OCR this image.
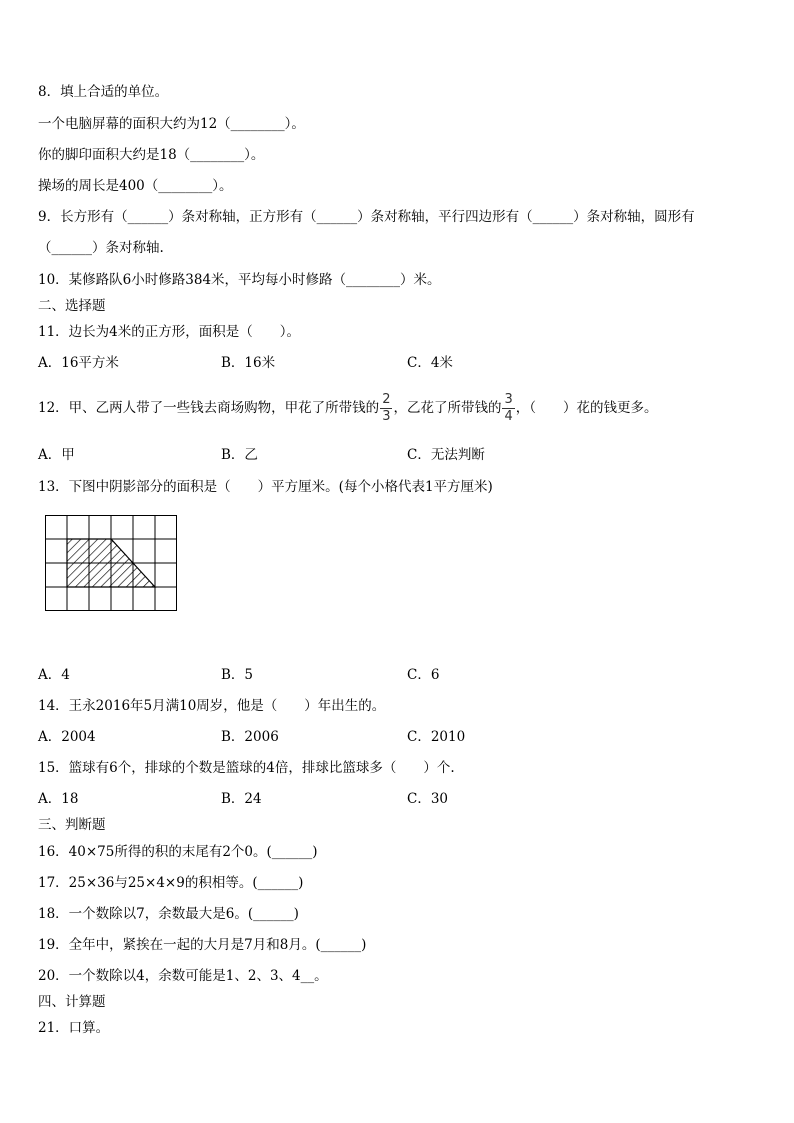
8．填上合适的单位。
一个电脑屏幕的面积大约为12（________）。
你的脚印面积大约是18（________）。
操场的周长是400（________）。
9．长方形有（______）条对称轴，正方形有（______）条对称轴，平行四边形有（______）条对称轴，圆形有
（______）条对称轴.
10．某修路队6小时修路384米，平均每小时修路（________）米。
二、选择题
11．边长为4米的正方形，面积是（　　）。
A．16平方米	B．16米	C．4米
12．甲、乙两人带了一些钱去商场购物，甲花了所带钱的 $\frac{2}{3}$ ，乙花了所带钱的 $\frac{3}{4}$ ，（　　）花的钱更多。
A．甲	B．乙	C．无法判断
13．下图中阴影部分的面积是（　　）平方厘米。(每个小格代表1平方厘米)
A．4	B．5	C．6
14．王永2016年5月满10周岁，他是（　　）年出生的。
A．2004	B．2006	C．2010
15．篮球有6个，排球的个数是篮球的4倍，排球比篮球多（　　）个.
A．18	B．24	C．30
三、判断题
16．40×75所得的积的末尾有2个0。(______)
17．25×36与25×4×9的积相等。(______)
18．一个数除以7，余数最大是6。(______)
19．全年中，紧挨在一起的大月是7月和8月。(______)
20．一个数除以4，余数可能是1、2、3、4__。
四、计算题
21．口算。
